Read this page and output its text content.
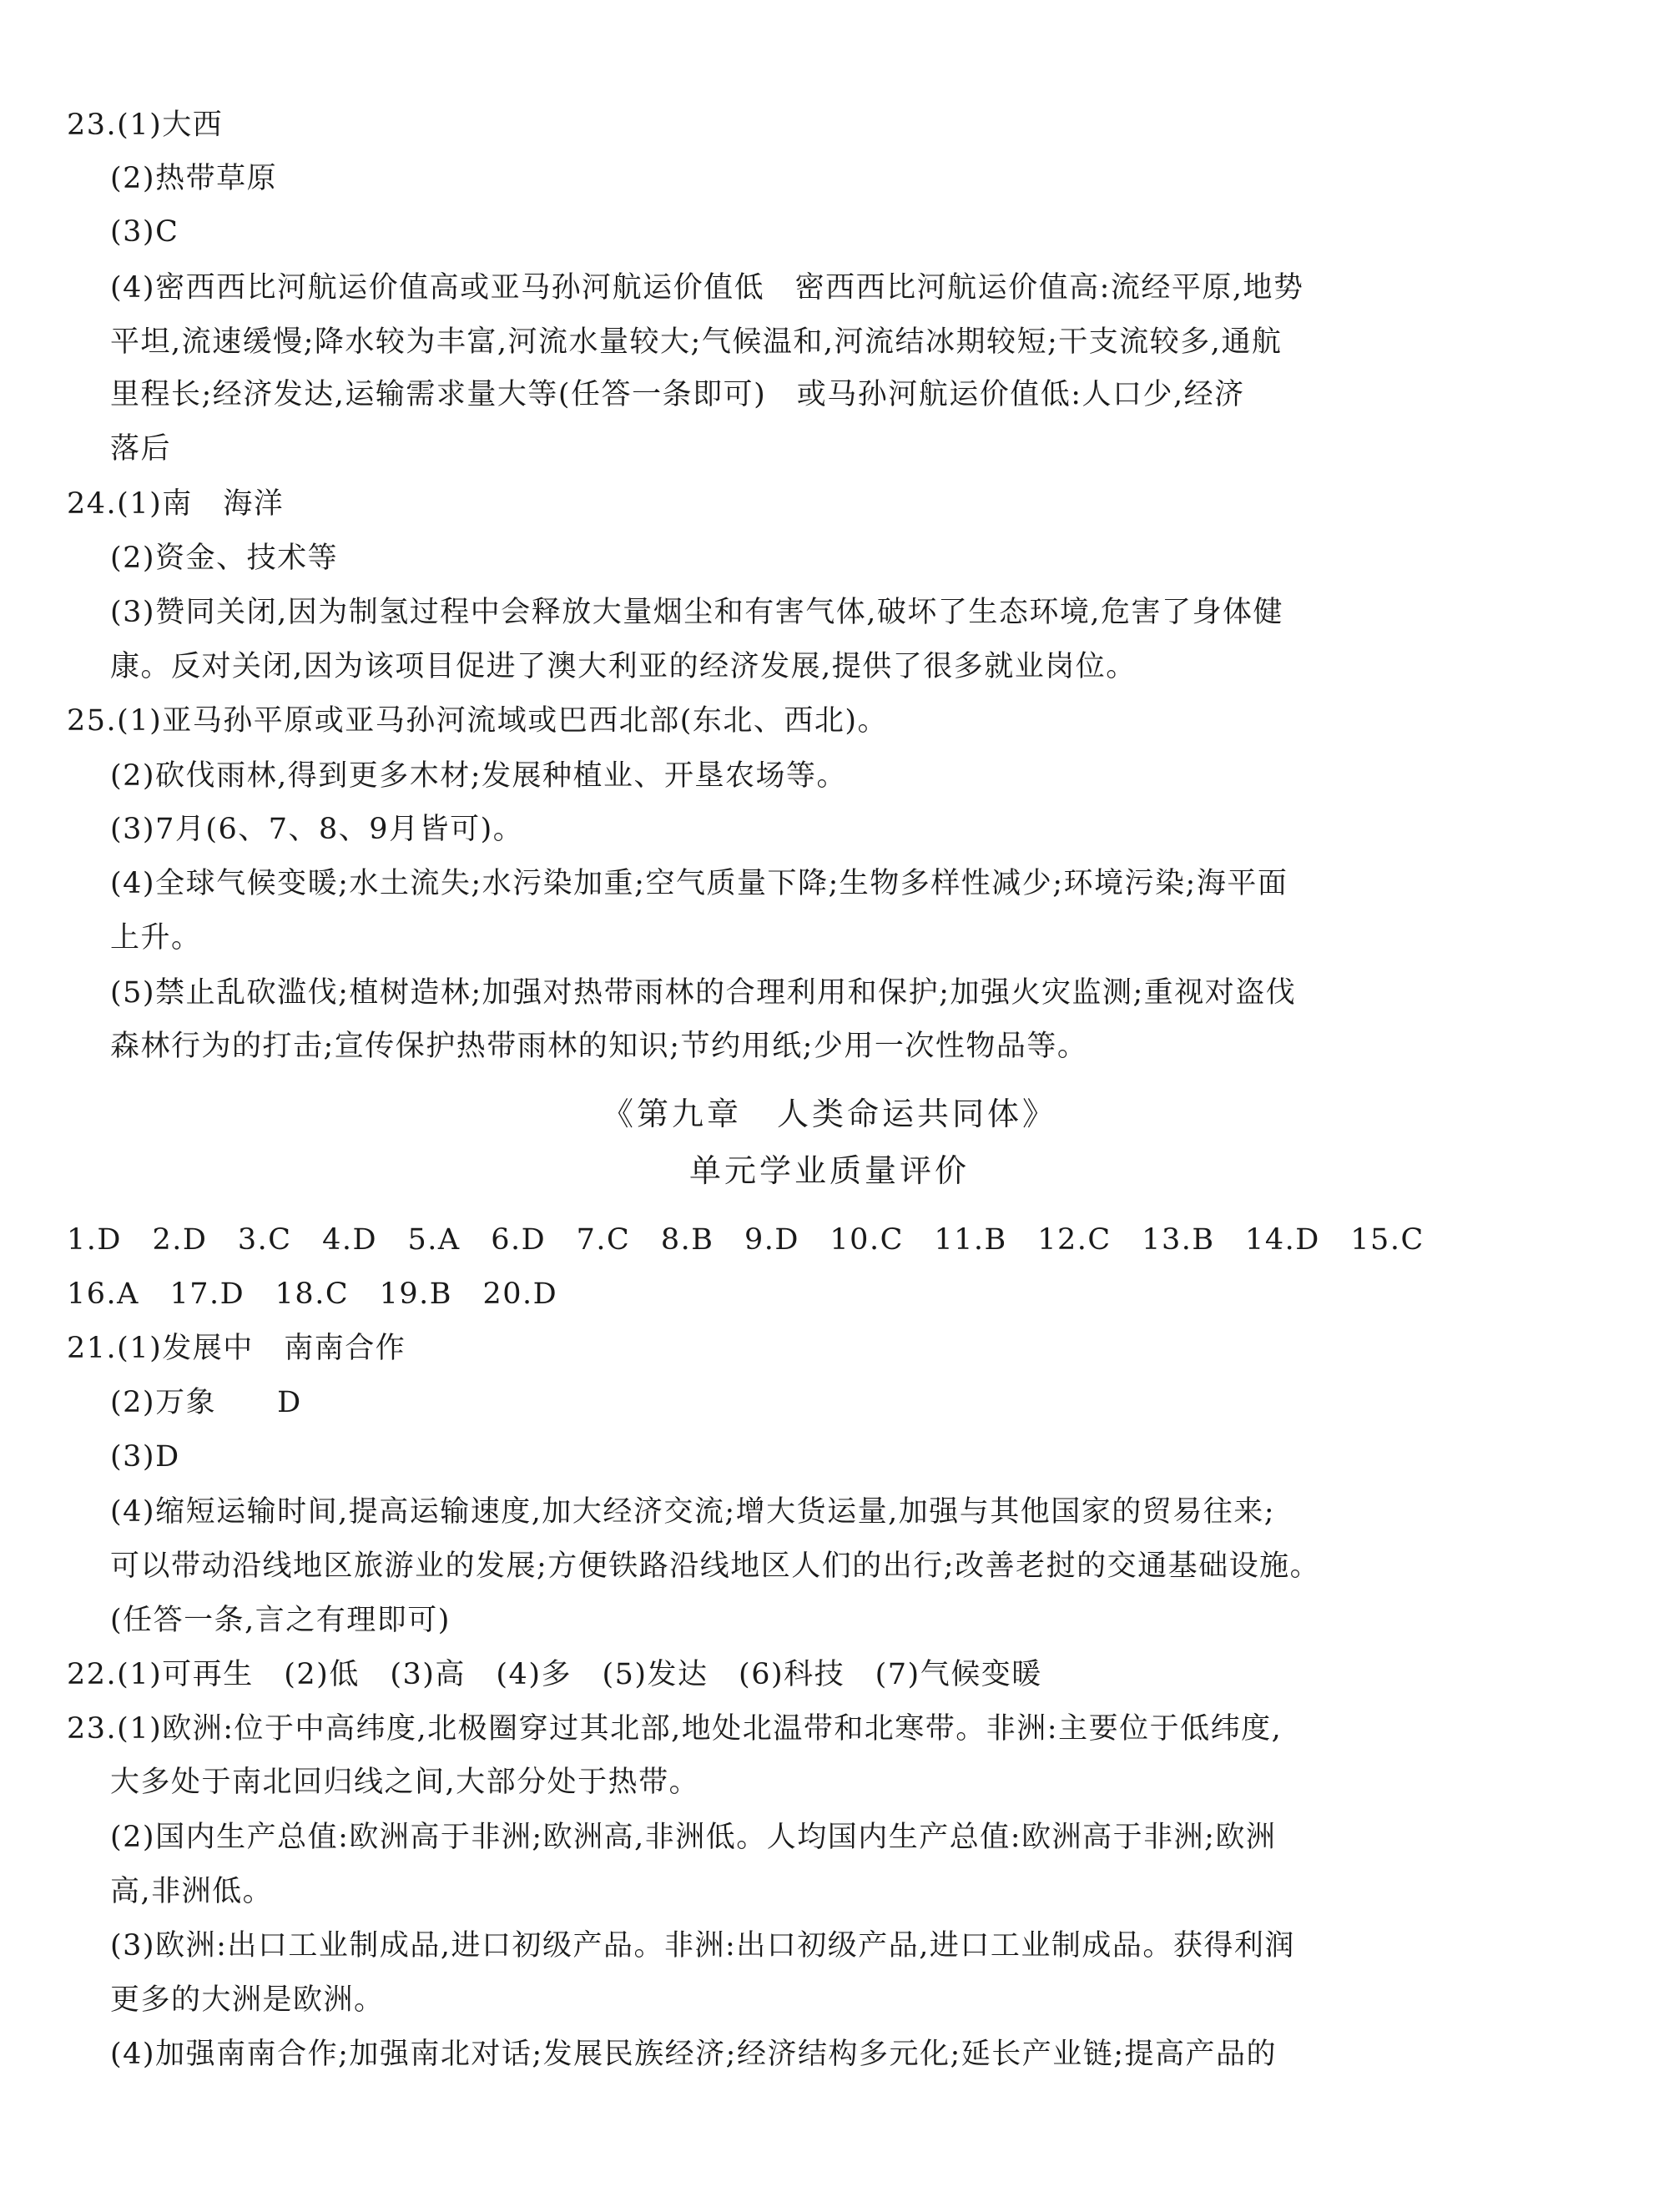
23.(1)大西
(2)热带草原
(3)C
(4)密西西比河航运价值高或亚马孙河航运价值低　密西西比河航运价值高:流经平原,地势
平坦,流速缓慢;降水较为丰富,河流水量较大;气候温和,河流结冰期较短;干支流较多,通航
里程长;经济发达,运输需求量大等(任答一条即可)　或马孙河航运价值低:人口少,经济
落后
24.(1)南　海洋
(2)资金、技术等
(3)赞同关闭,因为制氢过程中会释放大量烟尘和有害气体,破坏了生态环境,危害了身体健
康。反对关闭,因为该项目促进了澳大利亚的经济发展,提供了很多就业岗位。
25.(1)亚马孙平原或亚马孙河流域或巴西北部(东北、西北)。
(2)砍伐雨林,得到更多木材;发展种植业、开垦农场等。
(3)7月(6、7、8、9月皆可)。
(4)全球气候变暖;水土流失;水污染加重;空气质量下降;生物多样性减少;环境污染;海平面
上升。
(5)禁止乱砍滥伐;植树造林;加强对热带雨林的合理利用和保护;加强火灾监测;重视对盗伐
森林行为的打击;宣传保护热带雨林的知识;节约用纸;少用一次性物品等。
《第九章　人类命运共同体》
单元学业质量评价
1.D　2.D　3.C　4.D　5.A　6.D　7.C　8.B　9.D　10.C　11.B　12.C　13.B　14.D　15.C
16.A　17.D　18.C　19.B　20.D
21.(1)发展中　南南合作
(2)万象　　D
(3)D
(4)缩短运输时间,提高运输速度,加大经济交流;增大货运量,加强与其他国家的贸易往来;
可以带动沿线地区旅游业的发展;方便铁路沿线地区人们的出行;改善老挝的交通基础设施。
(任答一条,言之有理即可)
22.(1)可再生　(2)低　(3)高　(4)多　(5)发达　(6)科技　(7)气候变暖
23.(1)欧洲:位于中高纬度,北极圈穿过其北部,地处北温带和北寒带。非洲:主要位于低纬度,
大多处于南北回归线之间,大部分处于热带。
(2)国内生产总值:欧洲高于非洲;欧洲高,非洲低。人均国内生产总值:欧洲高于非洲;欧洲
高,非洲低。
(3)欧洲:出口工业制成品,进口初级产品。非洲:出口初级产品,进口工业制成品。获得利润
更多的大洲是欧洲。
(4)加强南南合作;加强南北对话;发展民族经济;经济结构多元化;延长产业链;提高产品的
